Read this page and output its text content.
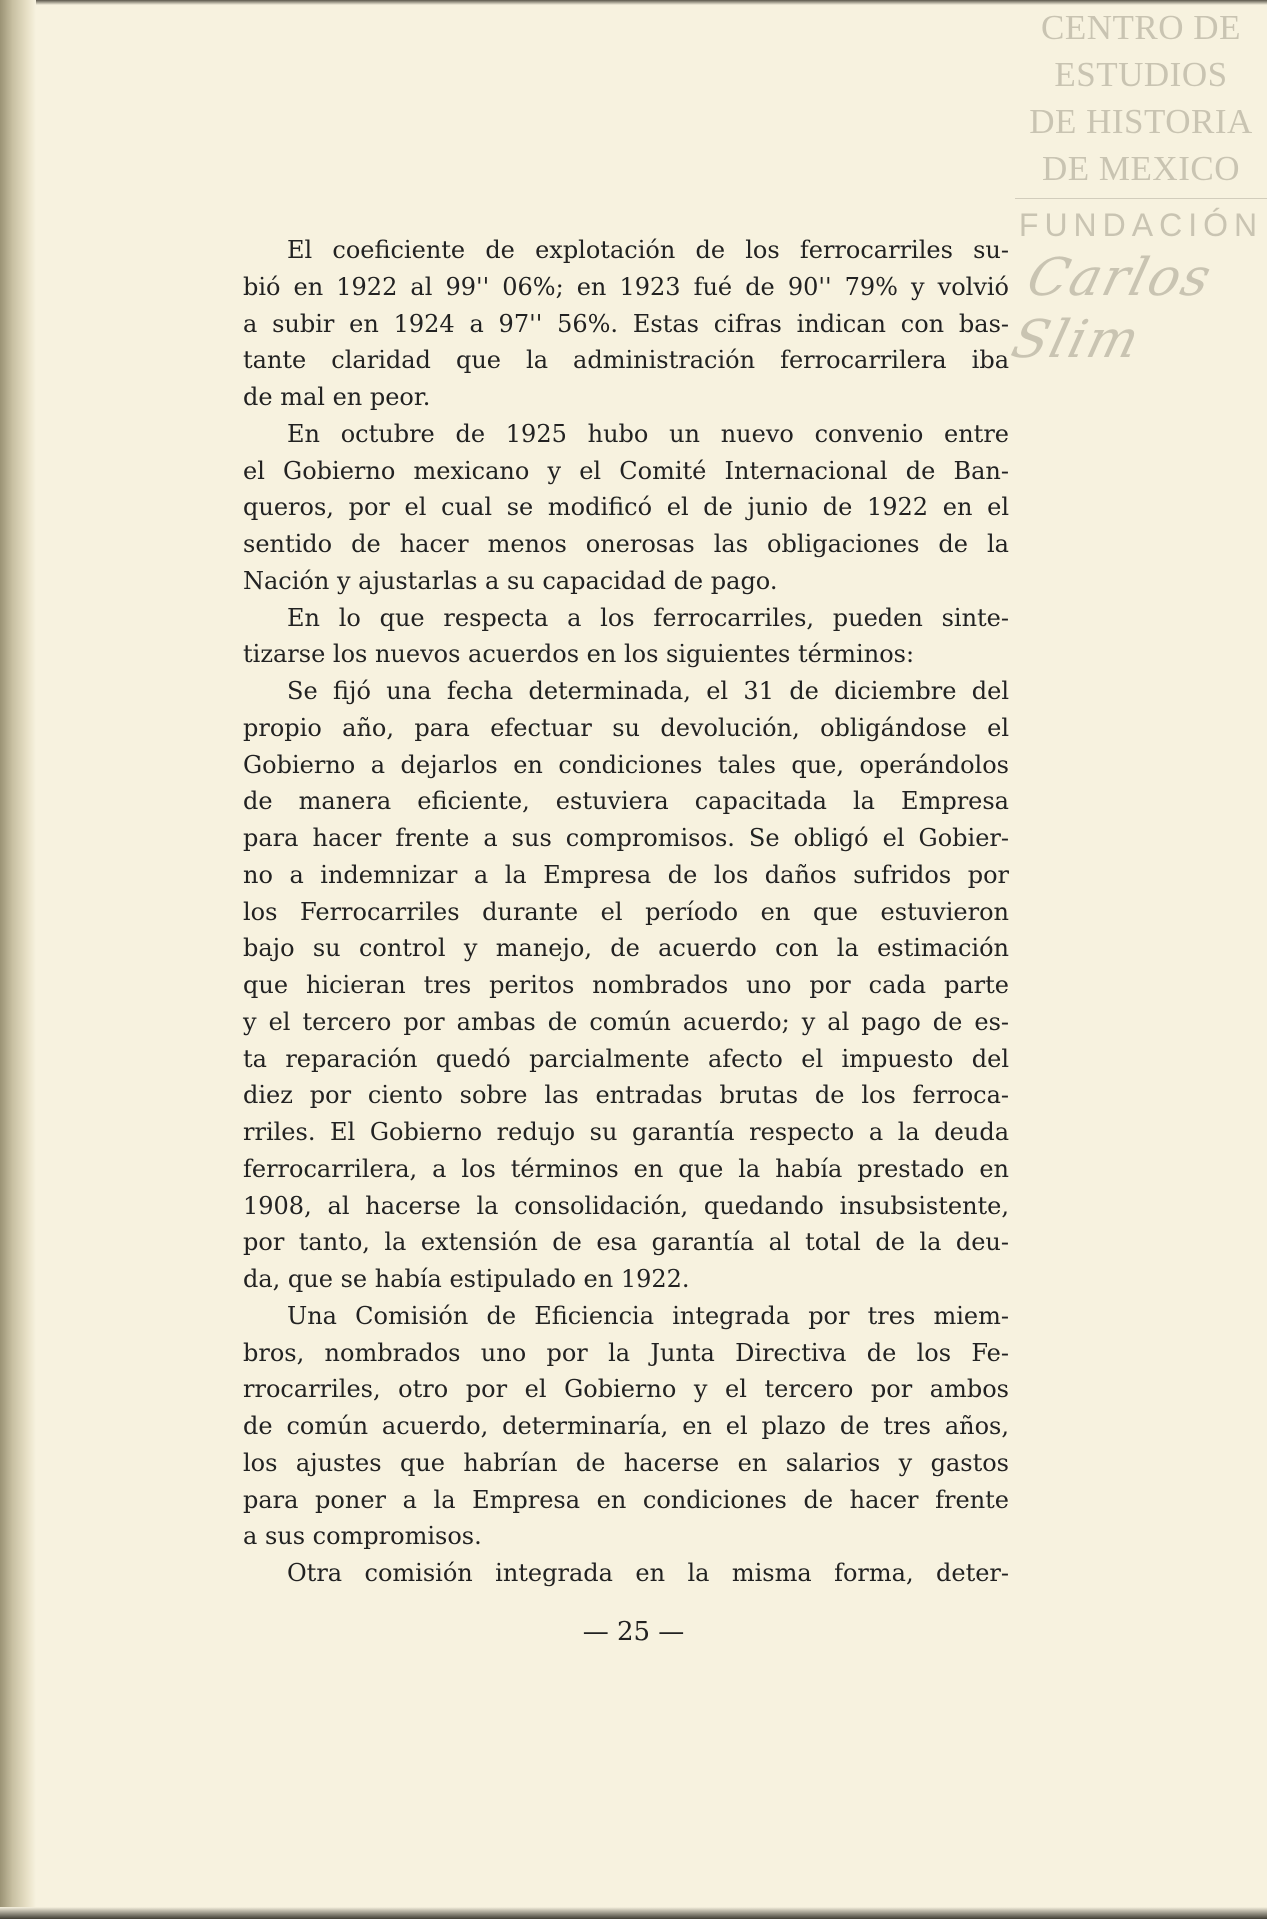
CENTRO DE
ESTUDIOS
DE HISTORIA
DE MEXICO
FUNDACIÓN
Carlos Slim
El coeficiente de explotación de los ferrocarriles su-
bió en 1922 al 99'' 06%; en 1923 fué de 90'' 79% y volvió
a subir en 1924 a 97'' 56%. Estas cifras indican con bas-
tante claridad que la administración ferrocarrilera iba
de mal en peor.
En octubre de 1925 hubo un nuevo convenio entre
el Gobierno mexicano y el Comité Internacional de Ban-
queros, por el cual se modificó el de junio de 1922 en el
sentido de hacer menos onerosas las obligaciones de la
Nación y ajustarlas a su capacidad de pago.
En lo que respecta a los ferrocarriles, pueden sinte-
tizarse los nuevos acuerdos en los siguientes términos:
Se fijó una fecha determinada, el 31 de diciembre del
propio año, para efectuar su devolución, obligándose el
Gobierno a dejarlos en condiciones tales que, operándolos
de manera eficiente, estuviera capacitada la Empresa
para hacer frente a sus compromisos. Se obligó el Gobier-
no a indemnizar a la Empresa de los daños sufridos por
los Ferrocarriles durante el período en que estuvieron
bajo su control y manejo, de acuerdo con la estimación
que hicieran tres peritos nombrados uno por cada parte
y el tercero por ambas de común acuerdo; y al pago de es-
ta reparación quedó parcialmente afecto el impuesto del
diez por ciento sobre las entradas brutas de los ferroca-
rriles. El Gobierno redujo su garantía respecto a la deuda
ferrocarrilera, a los términos en que la había prestado en
1908, al hacerse la consolidación, quedando insubsistente,
por tanto, la extensión de esa garantía al total de la deu-
da, que se había estipulado en 1922.
Una Comisión de Eficiencia integrada por tres miem-
bros, nombrados uno por la Junta Directiva de los Fe-
rrocarriles, otro por el Gobierno y el tercero por ambos
de común acuerdo, determinaría, en el plazo de tres años,
los ajustes que habrían de hacerse en salarios y gastos
para poner a la Empresa en condiciones de hacer frente
a sus compromisos.
Otra comisión integrada en la misma forma, deter-
— 25 —
